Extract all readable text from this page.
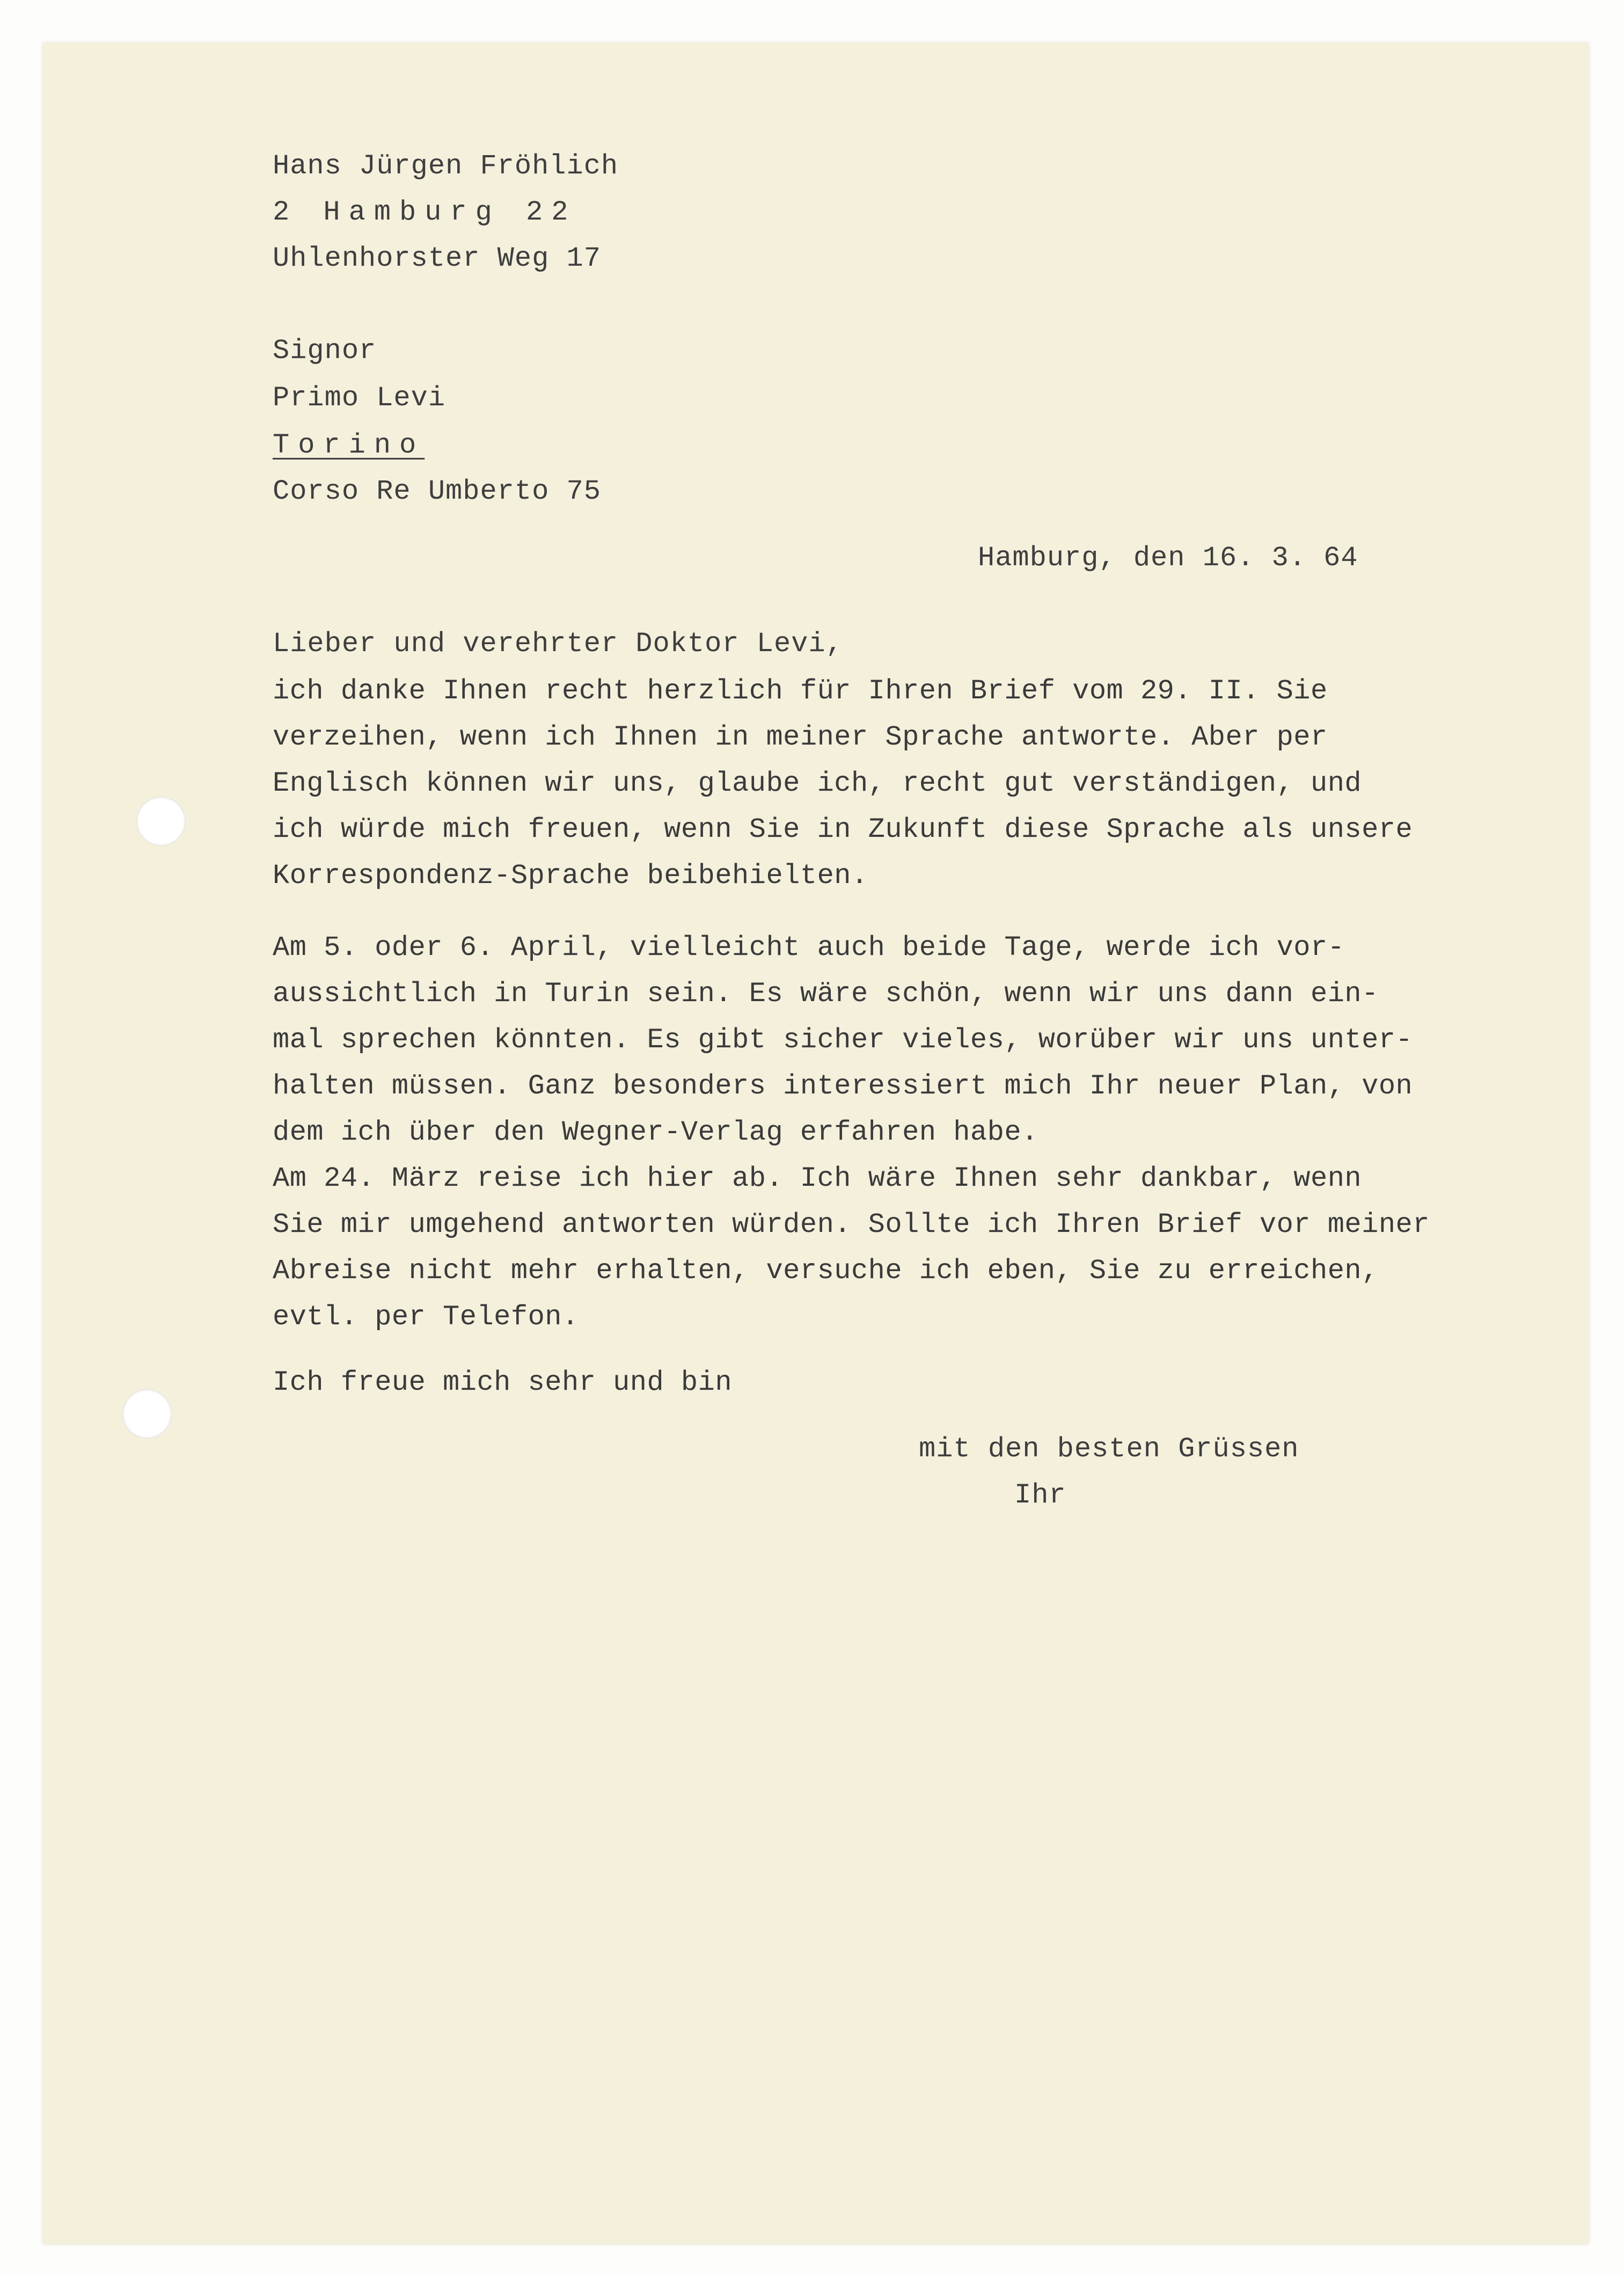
Hans Jürgen Fröhlich

2 Hamburg 22

Uhlenhorster Weg 17

Signor

Primo Levi

Torino

Corso Re Umberto 75

Hamburg, den 16. 3. 64

Lieber und verehrter Doktor Levi,

ich danke Ihnen recht herzlich für Ihren Brief vom 29. II. Sie

verzeihen, wenn ich Ihnen in meiner Sprache antworte. Aber per

Englisch können wir uns, glaube ich, recht gut verständigen, und

ich würde mich freuen, wenn Sie in Zukunft diese Sprache als unsere

Korrespondenz-Sprache beibehielten.

Am 5. oder 6. April, vielleicht auch beide Tage, werde ich vor-

aussichtlich in Turin sein. Es wäre schön, wenn wir uns dann ein-

mal sprechen könnten. Es gibt sicher vieles, worüber wir uns unter-

halten müssen. Ganz besonders interessiert mich Ihr neuer Plan, von

dem ich über den Wegner-Verlag erfahren habe.

Am 24. März reise ich hier ab. Ich wäre Ihnen sehr dankbar, wenn

Sie mir umgehend antworten würden. Sollte ich Ihren Brief vor meiner

Abreise nicht mehr erhalten, versuche ich eben, Sie zu erreichen,

evtl. per Telefon.

Ich freue mich sehr und bin

mit den besten Grüssen

Ihr
